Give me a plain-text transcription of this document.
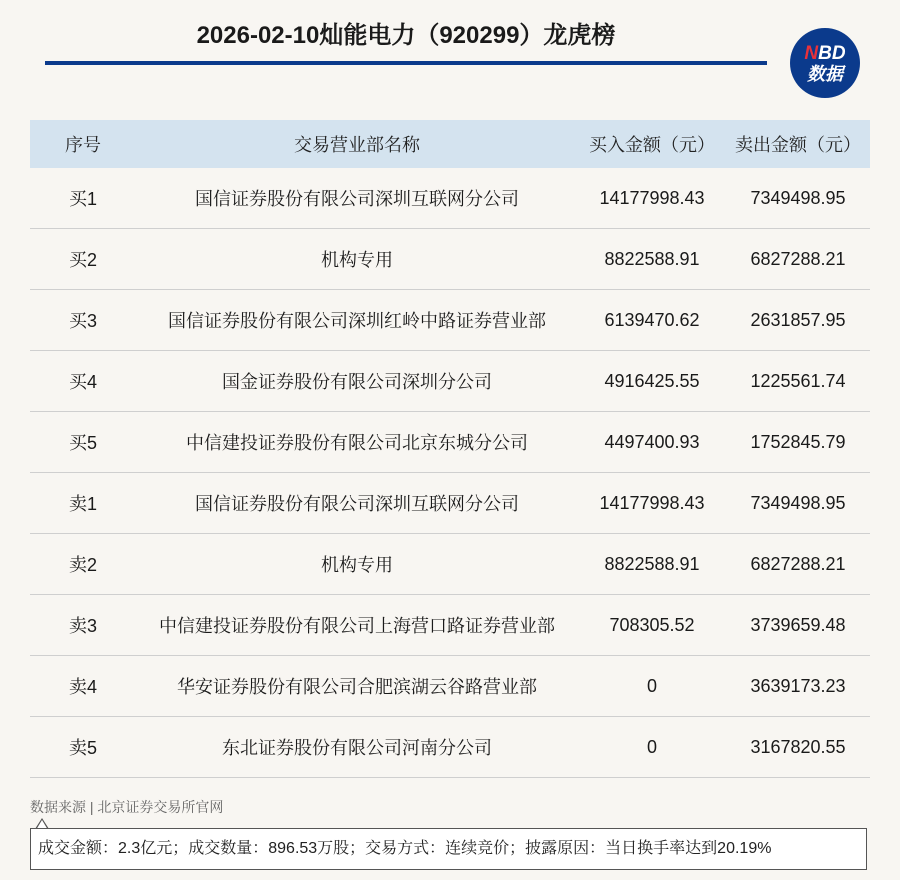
2026-02-10灿能电力（920299）龙虎榜
NBD
数据
序号	交易营业部名称	买入金额（元）	卖出金额（元）
买1	国信证券股份有限公司深圳互联网分公司	14177998.43	7349498.95
买2	机构专用	8822588.91	6827288.21
买3	国信证券股份有限公司深圳红岭中路证券营业部	6139470.62	2631857.95
买4	国金证券股份有限公司深圳分公司	4916425.55	1225561.74
买5	中信建投证券股份有限公司北京东城分公司	4497400.93	1752845.79
卖1	国信证券股份有限公司深圳互联网分公司	14177998.43	7349498.95
卖2	机构专用	8822588.91	6827288.21
卖3	中信建投证券股份有限公司上海营口路证券营业部	708305.52	3739659.48
卖4	华安证券股份有限公司合肥滨湖云谷路营业部	0	3639173.23
卖5	东北证券股份有限公司河南分公司	0	3167820.55
数据来源 | 北京证券交易所官网
成交金额：2.3亿元；成交数量：896.53万股；交易方式：连续竞价；披露原因：当日换手率达到20.19%
